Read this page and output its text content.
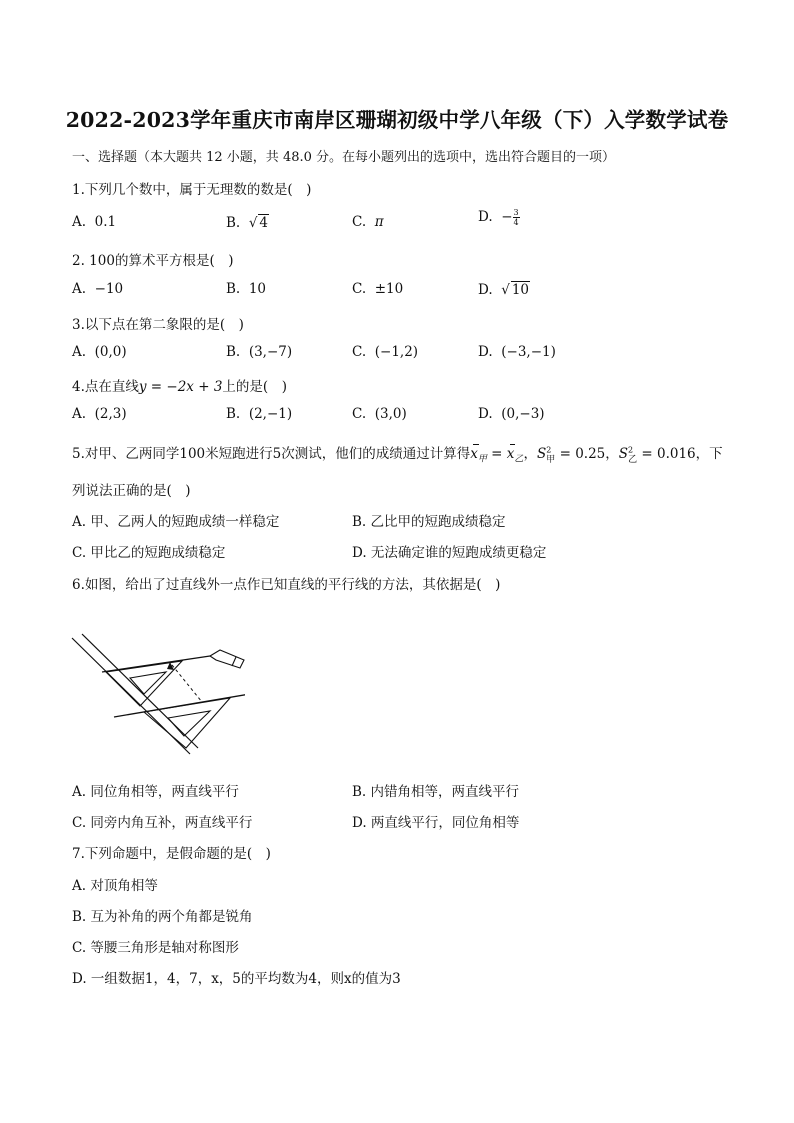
2022-2023学年重庆市南岸区珊瑚初级中学八年级（下）入学数学试卷
一、选择题（本大题共 12 小题，共 48.0 分。在每小题列出的选项中，选出符合题目的一项）
1.下列几个数中，属于无理数的数是(　)
A. 0.1	B. √ 4	C. π	D. − $\frac{3}{4}$
2. 100的算术平方根是(　)
A. −10	B. 10	C. ±10	D. √ 10
3.以下点在第二象限的是(　)
A. (0,0)	B. (3,−7)	C. (−1,2)	D. (−3,−1)
4.点在直线y = −2x + 3上的是(　)
A. (2,3)	B. (2,−1)	C. (3,0)	D. (0,−3)
5.对甲、乙两同学100米短跑进行5次测试，他们的成绩通过计算得$x_甲 = x_乙$，$S^2_甲 = 0.25$，$S^2_乙 = 0.016$，下
列说法正确的是(　)
A. 甲、乙两人的短跑成绩一样稳定	B. 乙比甲的短跑成绩稳定
C. 甲比乙的短跑成绩稳定	D. 无法确定谁的短跑成绩更稳定
6.如图，给出了过直线外一点作已知直线的平行线的方法，其依据是(　)
A. 同位角相等，两直线平行	B. 内错角相等，两直线平行
C. 同旁内角互补，两直线平行	D. 两直线平行，同位角相等
7.下列命题中，是假命题的是(　)
A. 对顶角相等
B. 互为补角的两个角都是锐角
C. 等腰三角形是轴对称图形
D. 一组数据1，4，7，x，5的平均数为4，则x的值为3
